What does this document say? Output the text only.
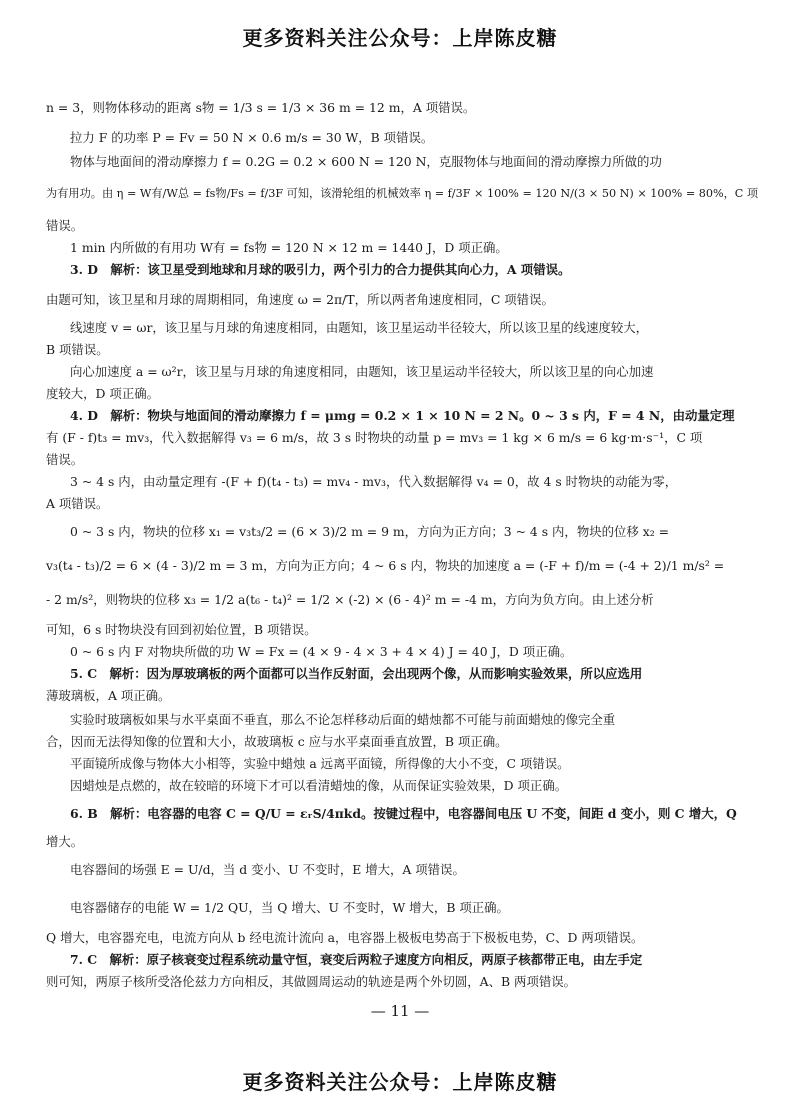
更多资料关注公众号：上岸陈皮糖
n = 3，则物体移动的距离 s物 = 1/3 s = 1/3 × 36 m = 12 m，A 项错误。
拉力 F 的功率 P = Fv = 50 N × 0.6 m/s = 30 W，B 项错误。
物体与地面间的滑动摩擦力 f = 0.2G = 0.2 × 600 N = 120 N，克服物体与地面间的滑动摩擦力所做的功
为有用功。由 η = W有/W总 = fs物/Fs = f/3F 可知，该滑轮组的机械效率 η = f/3F × 100% = 120 N/(3 × 50 N) × 100% = 80%，C 项
错误。
1 min 内所做的有用功 W有 = fs物 = 120 N × 12 m = 1440 J，D 项正确。
3. D　解析：该卫星受到地球和月球的吸引力，两个引力的合力提供其向心力，A 项错误。
由题可知，该卫星和月球的周期相同，角速度 ω = 2π/T，所以两者角速度相同，C 项错误。
线速度 v = ωr，该卫星与月球的角速度相同，由题知，该卫星运动半径较大，所以该卫星的线速度较大，
B 项错误。
向心加速度 a = ω²r，该卫星与月球的角速度相同，由题知，该卫星运动半径较大，所以该卫星的向心加速
度较大，D 项正确。
4. D　解析：物块与地面间的滑动摩擦力 f = μmg = 0.2 × 1 × 10 N = 2 N。0 ~ 3 s 内，F = 4 N，由动量定理
有 (F - f)t₃ = mv₃，代入数据解得 v₃ = 6 m/s，故 3 s 时物块的动量 p = mv₃ = 1 kg × 6 m/s = 6 kg·m·s⁻¹，C 项
错误。
3 ~ 4 s 内，由动量定理有 -(F + f)(t₄ - t₃) = mv₄ - mv₃，代入数据解得 v₄ = 0，故 4 s 时物块的动能为零，
A 项错误。
0 ~ 3 s 内，物块的位移 x₁ = v₃t₃/2 = (6 × 3)/2 m = 9 m，方向为正方向；3 ~ 4 s 内，物块的位移 x₂ =
v₃(t₄ - t₃)/2 = 6 × (4 - 3)/2 m = 3 m，方向为正方向；4 ~ 6 s 内，物块的加速度 a = (-F + f)/m = (-4 + 2)/1 m/s² =
- 2 m/s²，则物块的位移 x₃ = 1/2 a(t₆ - t₄)² = 1/2 × (-2) × (6 - 4)² m = -4 m，方向为负方向。由上述分析
可知，6 s 时物块没有回到初始位置，B 项错误。
0 ~ 6 s 内 F 对物块所做的功 W = Fx = (4 × 9 - 4 × 3 + 4 × 4) J = 40 J，D 项正确。
5. C　解析：因为厚玻璃板的两个面都可以当作反射面，会出现两个像，从而影响实验效果，所以应选用
薄玻璃板，A 项正确。
实验时玻璃板如果与水平桌面不垂直，那么不论怎样移动后面的蜡烛都不可能与前面蜡烛的像完全重
合，因而无法得知像的位置和大小，故玻璃板 c 应与水平桌面垂直放置，B 项正确。
平面镜所成像与物体大小相等，实验中蜡烛 a 远离平面镜，所得像的大小不变，C 项错误。
因蜡烛是点燃的，故在较暗的环境下才可以看清蜡烛的像，从而保证实验效果，D 项正确。
6. B　解析：电容器的电容 C = Q/U = εᵣS/4πkd。按键过程中，电容器间电压 U 不变，间距 d 变小，则 C 增大，Q
增大。
电容器间的场强 E = U/d，当 d 变小、U 不变时，E 增大，A 项错误。
电容器储存的电能 W = 1/2 QU，当 Q 增大、U 不变时，W 增大，B 项正确。
Q 增大，电容器充电，电流方向从 b 经电流计流向 a，电容器上极板电势高于下极板电势，C、D 两项错误。
7. C　解析：原子核衰变过程系统动量守恒，衰变后两粒子速度方向相反，两原子核都带正电，由左手定
则可知，两原子核所受洛伦兹力方向相反，其做圆周运动的轨迹是两个外切圆，A、B 两项错误。
— 11 —
更多资料关注公众号：上岸陈皮糖
